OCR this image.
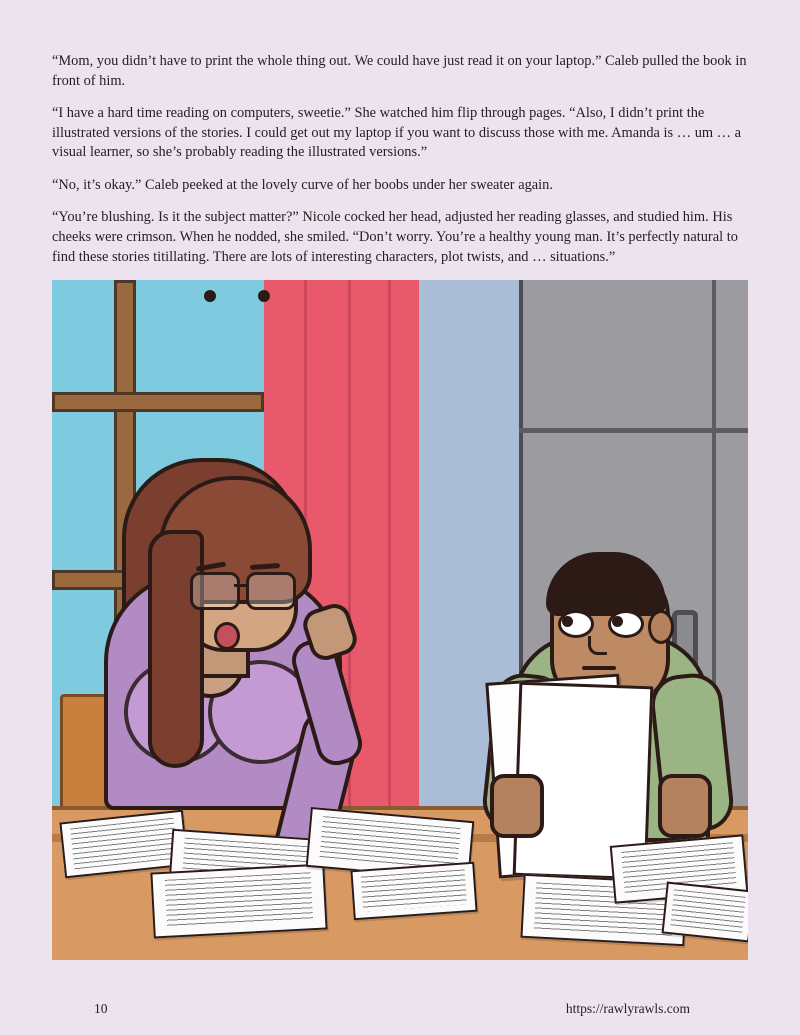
“Mom, you didn’t have to print the whole thing out. We could have just read it on your laptop.” Caleb pulled the book in front of him.

“I have a hard time reading on computers, sweetie.” She watched him flip through pages. “Also, I didn’t print the illustrated versions of the stories. I could get out my laptop if you want to discuss those with me. Amanda is … um … a visual learner, so she’s probably reading the illustrated versions.”

“No, it’s okay.” Caleb peeked at the lovely curve of her boobs under her sweater again.

“You’re blushing. Is it the subject matter?” Nicole cocked her head, adjusted her reading glasses, and studied him. His cheeks were crimson. When he nodded, she smiled. “Don’t worry. You’re a healthy young man. It’s perfectly natural to find these stories titillating. There are lots of interesting characters, plot twists, and … situations.”

10	https://rawlyrawls.com
